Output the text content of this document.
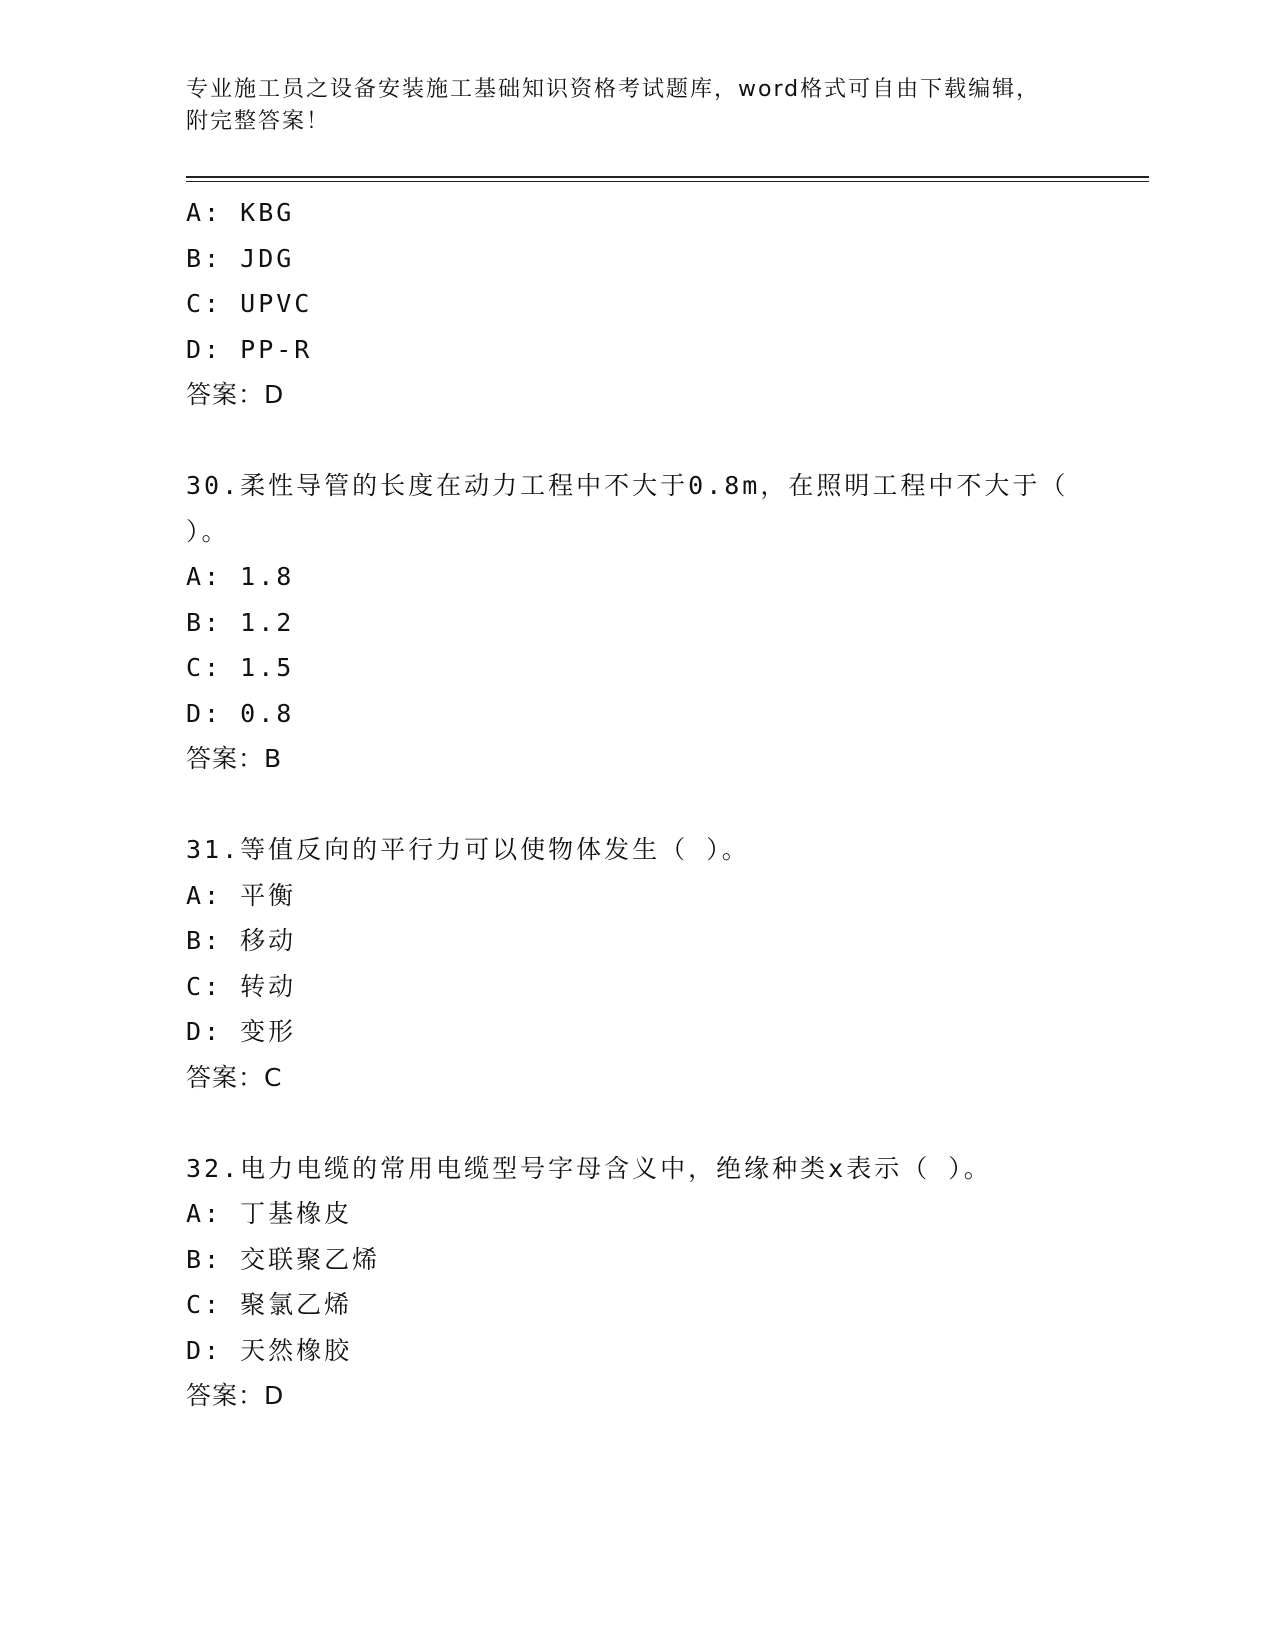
专业施工员之设备安装施工基础知识资格考试题库，word格式可自由下载编辑，
附完整答案！
A: KBG
B: JDG
C: UPVC
D: PP-R
答案：D
30.柔性导管的长度在动力工程中不大于0.8m，在照明工程中不大于（
）。
A: 1.8
B: 1.2
C: 1.5
D: 0.8
答案：B
31.等值反向的平行力可以使物体发生（ ）。
A: 平衡
B: 移动
C: 转动
D: 变形
答案：C
32.电力电缆的常用电缆型号字母含义中，绝缘种类x表示（ ）。
A: 丁基橡皮
B: 交联聚乙烯
C: 聚氯乙烯
D: 天然橡胶
答案：D
